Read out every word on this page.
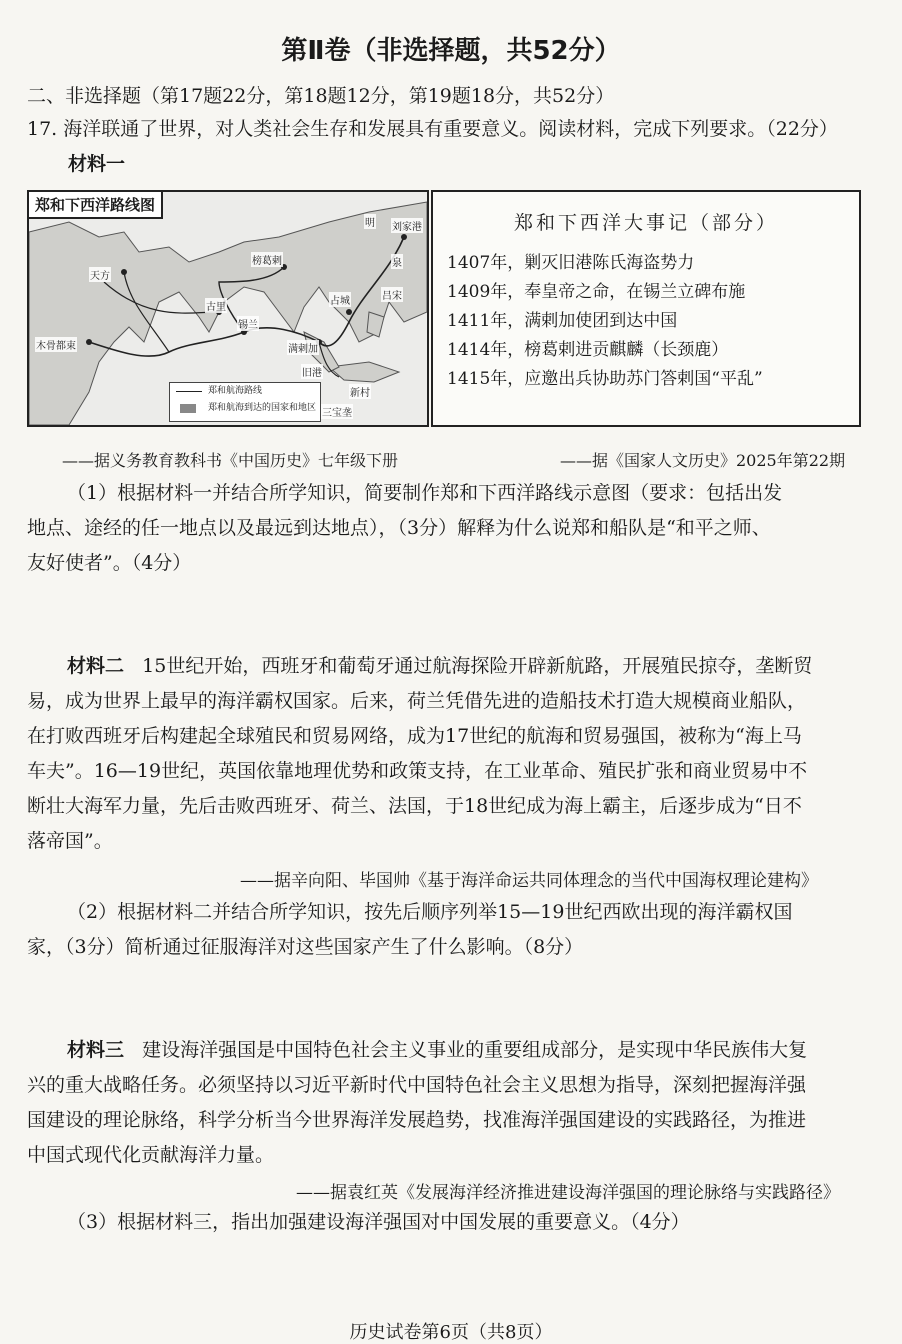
第Ⅱ卷（非选择题，共52分）
二、非选择题（第17题22分，第18题12分，第19题18分，共52分）
17. 海洋联通了世界，对人类社会生存和发展具有重要意义。阅读材料，完成下列要求。（22分）
材料一
郑和下西洋路线图
明 刘家港
榜葛剌
天方
古里
锡兰
占城	吕宋
满剌加
旧港
三宝垄
新村
木骨都束
泉
郑和航海路线
郑和航海到达的国家和地区
郑和下西洋大事记（部分）
1407年，剿灭旧港陈氏海盗势力
1409年，奉皇帝之命，在锡兰立碑布施
1411年，满剌加使团到达中国
1414年，榜葛剌进贡麒麟（长颈鹿）
1415年，应邀出兵协助苏门答剌国“平乱”
——据义务教育教科书《中国历史》七年级下册	——据《国家人文历史》2025年第22期
（1）根据材料一并结合所学知识，简要制作郑和下西洋路线示意图（要求：包括出发
地点、途经的任一地点以及最远到达地点），（3分）解释为什么说郑和船队是“和平之师、
友好使者”。（4分）
材料二 15世纪开始，西班牙和葡萄牙通过航海探险开辟新航路，开展殖民掠夺，垄断贸
易，成为世界上最早的海洋霸权国家。后来，荷兰凭借先进的造船技术打造大规模商业船队，
在打败西班牙后构建起全球殖民和贸易网络，成为17世纪的航海和贸易强国，被称为“海上马
车夫”。16—19世纪，英国依靠地理优势和政策支持，在工业革命、殖民扩张和商业贸易中不
断壮大海军力量，先后击败西班牙、荷兰、法国，于18世纪成为海上霸主，后逐步成为“日不
落帝国”。
——据辛向阳、毕国帅《基于海洋命运共同体理念的当代中国海权理论建构》
（2）根据材料二并结合所学知识，按先后顺序列举15—19世纪西欧出现的海洋霸权国
家，（3分）简析通过征服海洋对这些国家产生了什么影响。（8分）
材料三 建设海洋强国是中国特色社会主义事业的重要组成部分，是实现中华民族伟大复
兴的重大战略任务。必须坚持以习近平新时代中国特色社会主义思想为指导，深刻把握海洋强
国建设的理论脉络，科学分析当今世界海洋发展趋势，找准海洋强国建设的实践路径，为推进
中国式现代化贡献海洋力量。
——据袁红英《发展海洋经济推进建设海洋强国的理论脉络与实践路径》
（3）根据材料三，指出加强建设海洋强国对中国发展的重要意义。（4分）
历史试卷第6页（共8页）
